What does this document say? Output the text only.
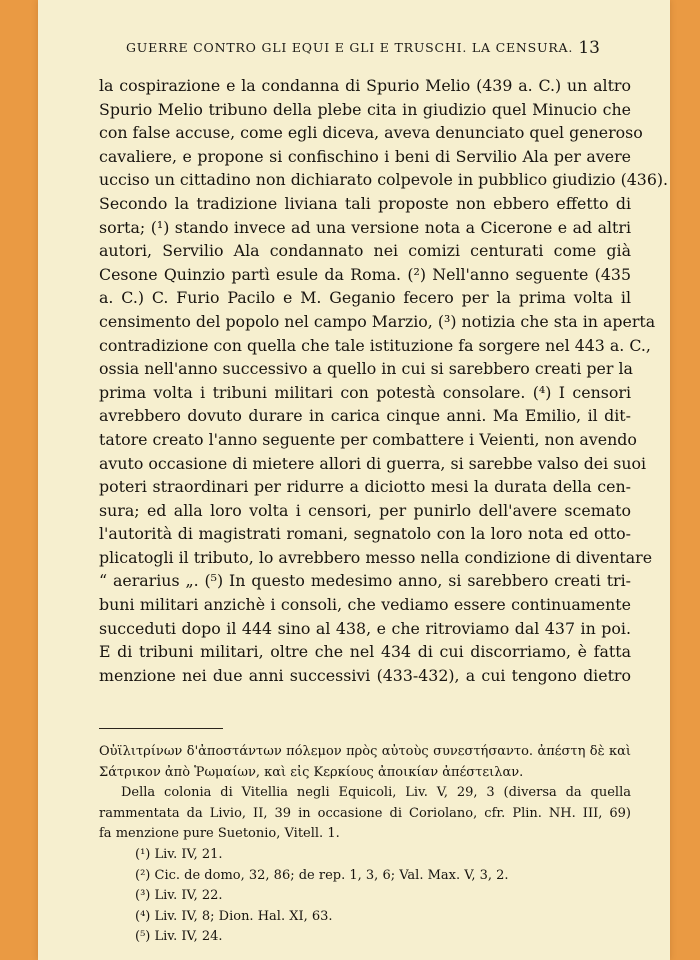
GUERRE CONTRO GLI EQUI E GLI E TRUSCHI. LA CENSURA. 13
la cospirazione e la condanna di Spurio Melio (439 a. C.) un altro
Spurio Melio tribuno della plebe cita in giudizio quel Minucio che
con false accuse, come egli diceva, aveva denunciato quel generoso
cavaliere, e propone si confischino i beni di Servilio Ala per avere
ucciso un cittadino non dichiarato colpevole in pubblico giudizio (436).
Secondo la tradizione liviana tali proposte non ebbero effetto di
sorta; (¹) stando invece ad una versione nota a Cicerone e ad altri
autori, Servilio Ala condannato nei comizi centurati come già
Cesone Quinzio partì esule da Roma. (²) Nell'anno seguente (435
a. C.) C. Furio Pacilo e M. Geganio fecero per la prima volta il
censimento del popolo nel campo Marzio, (³) notizia che sta in aperta
contradizione con quella che tale istituzione fa sorgere nel 443 a. C.,
ossia nell'anno successivo a quello in cui si sarebbero creati per la
prima volta i tribuni militari con potestà consolare. (⁴) I censori
avrebbero dovuto durare in carica cinque anni. Ma Emilio, il dit-
tatore creato l'anno seguente per combattere i Veienti, non avendo
avuto occasione di mietere allori di guerra, si sarebbe valso dei suoi
poteri straordinari per ridurre a diciotto mesi la durata della cen-
sura; ed alla loro volta i censori, per punirlo dell'avere scemato
l'autorità di magistrati romani, segnatolo con la loro nota ed otto-
plicatogli il tributo, lo avrebbero messo nella condizione di diventare
“ aerarius „. (⁵) In questo medesimo anno, si sarebbero creati tri-
buni militari anzichè i consoli, che vediamo essere continuamente
succeduti dopo il 444 sino al 438, e che ritroviamo dal 437 in poi.
E di tribuni militari, oltre che nel 434 di cui discorriamo, è fatta
menzione nei due anni successivi (433-432), a cui tengono dietro
Οὐϊλιτρίνων δ'ἀποστάντων πόλεμον πρὸς αὐτοὺς συνεστήσαντο. ἀπέστη δὲ καὶ
Σάτρικον ἀπὸ Ῥωμαίων, καὶ εἰς Κερκίους ἀποικίαν ἀπέστειλαν.
Della colonia di Vitellia negli Equicoli, Liv. V, 29, 3 (diversa da quella
rammentata da Livio, II, 39 in occasione di Coriolano, cfr. Plin. NH. III, 69)
fa menzione pure Suetonio, Vitell. 1.
(¹) Liv. IV, 21.
(²) Cic. de domo, 32, 86; de rep. 1, 3, 6; Val. Max. V, 3, 2.
(³) Liv. IV, 22.
(⁴) Liv. IV, 8; Dion. Hal. XI, 63.
(⁵) Liv. IV, 24.
